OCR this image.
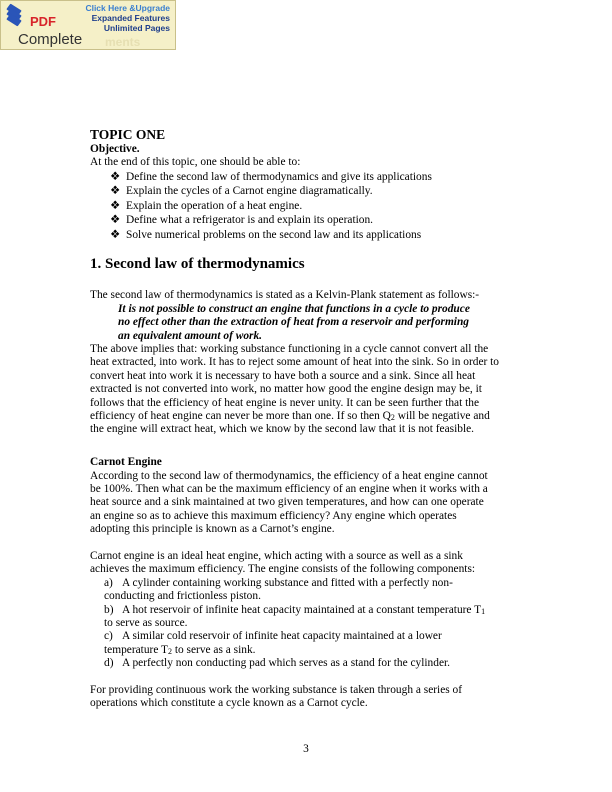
ments
PDF
Complete
Click Here &Upgrade
Expanded Features
Unlimited Pages
TOPIC ONE
Objective.
At the end of this topic, one should be able to:
❖ Define the second law of thermodynamics and give its applications
❖ Explain the cycles of a Carnot engine diagramatically.
❖ Explain the operation of a heat engine.
❖ Define what a refrigerator is and explain its operation.
❖ Solve numerical problems on the second law and its applications
1. Second law of thermodynamics
The second law of thermodynamics is stated as a Kelvin-Plank statement as follows:-
It is not possible to construct an engine that functions in a cycle to produce
no effect other than the extraction of heat from a reservoir and performing
an equivalent amount of work.
The above implies that: working substance functioning in a cycle cannot convert all the
heat extracted, into work. It has to reject some amount of heat into the sink. So in order to
convert heat into work it is necessary to have both a source and a sink. Since all heat
extracted is not converted into work, no matter how good the engine design may be, it
follows that the efficiency of heat engine is never unity. It can be seen further that the
efficiency of heat engine can never be more than one. If so then $Q_2$ will be negative and
the engine will extract heat, which we know by the second law that it is not feasible.
Carnot Engine
According to the second law of thermodynamics, the efficiency of a heat engine cannot
be 100%. Then what can be the maximum efficiency of an engine when it works with a
heat source and a sink maintained at two given temperatures, and how can one operate
an engine so as to achieve this maximum efficiency? Any engine which operates
adopting this principle is known as a Carnot’s engine.
Carnot engine is an ideal heat engine, which acting with a source as well as a sink
achieves the maximum efficiency. The engine consists of the following components:
a) A cylinder containing working substance and fitted with a perfectly non-
conducting and frictionless piston.
b) A hot reservoir of infinite heat capacity maintained at a constant temperature $T_1$
to serve as source.
c) A similar cold reservoir of infinite heat capacity maintained at a lower
temperature $T_2$ to serve as a sink.
d) A perfectly non conducting pad which serves as a stand for the cylinder.
For providing continuous work the working substance is taken through a series of
operations which constitute a cycle known as a Carnot cycle.
3
